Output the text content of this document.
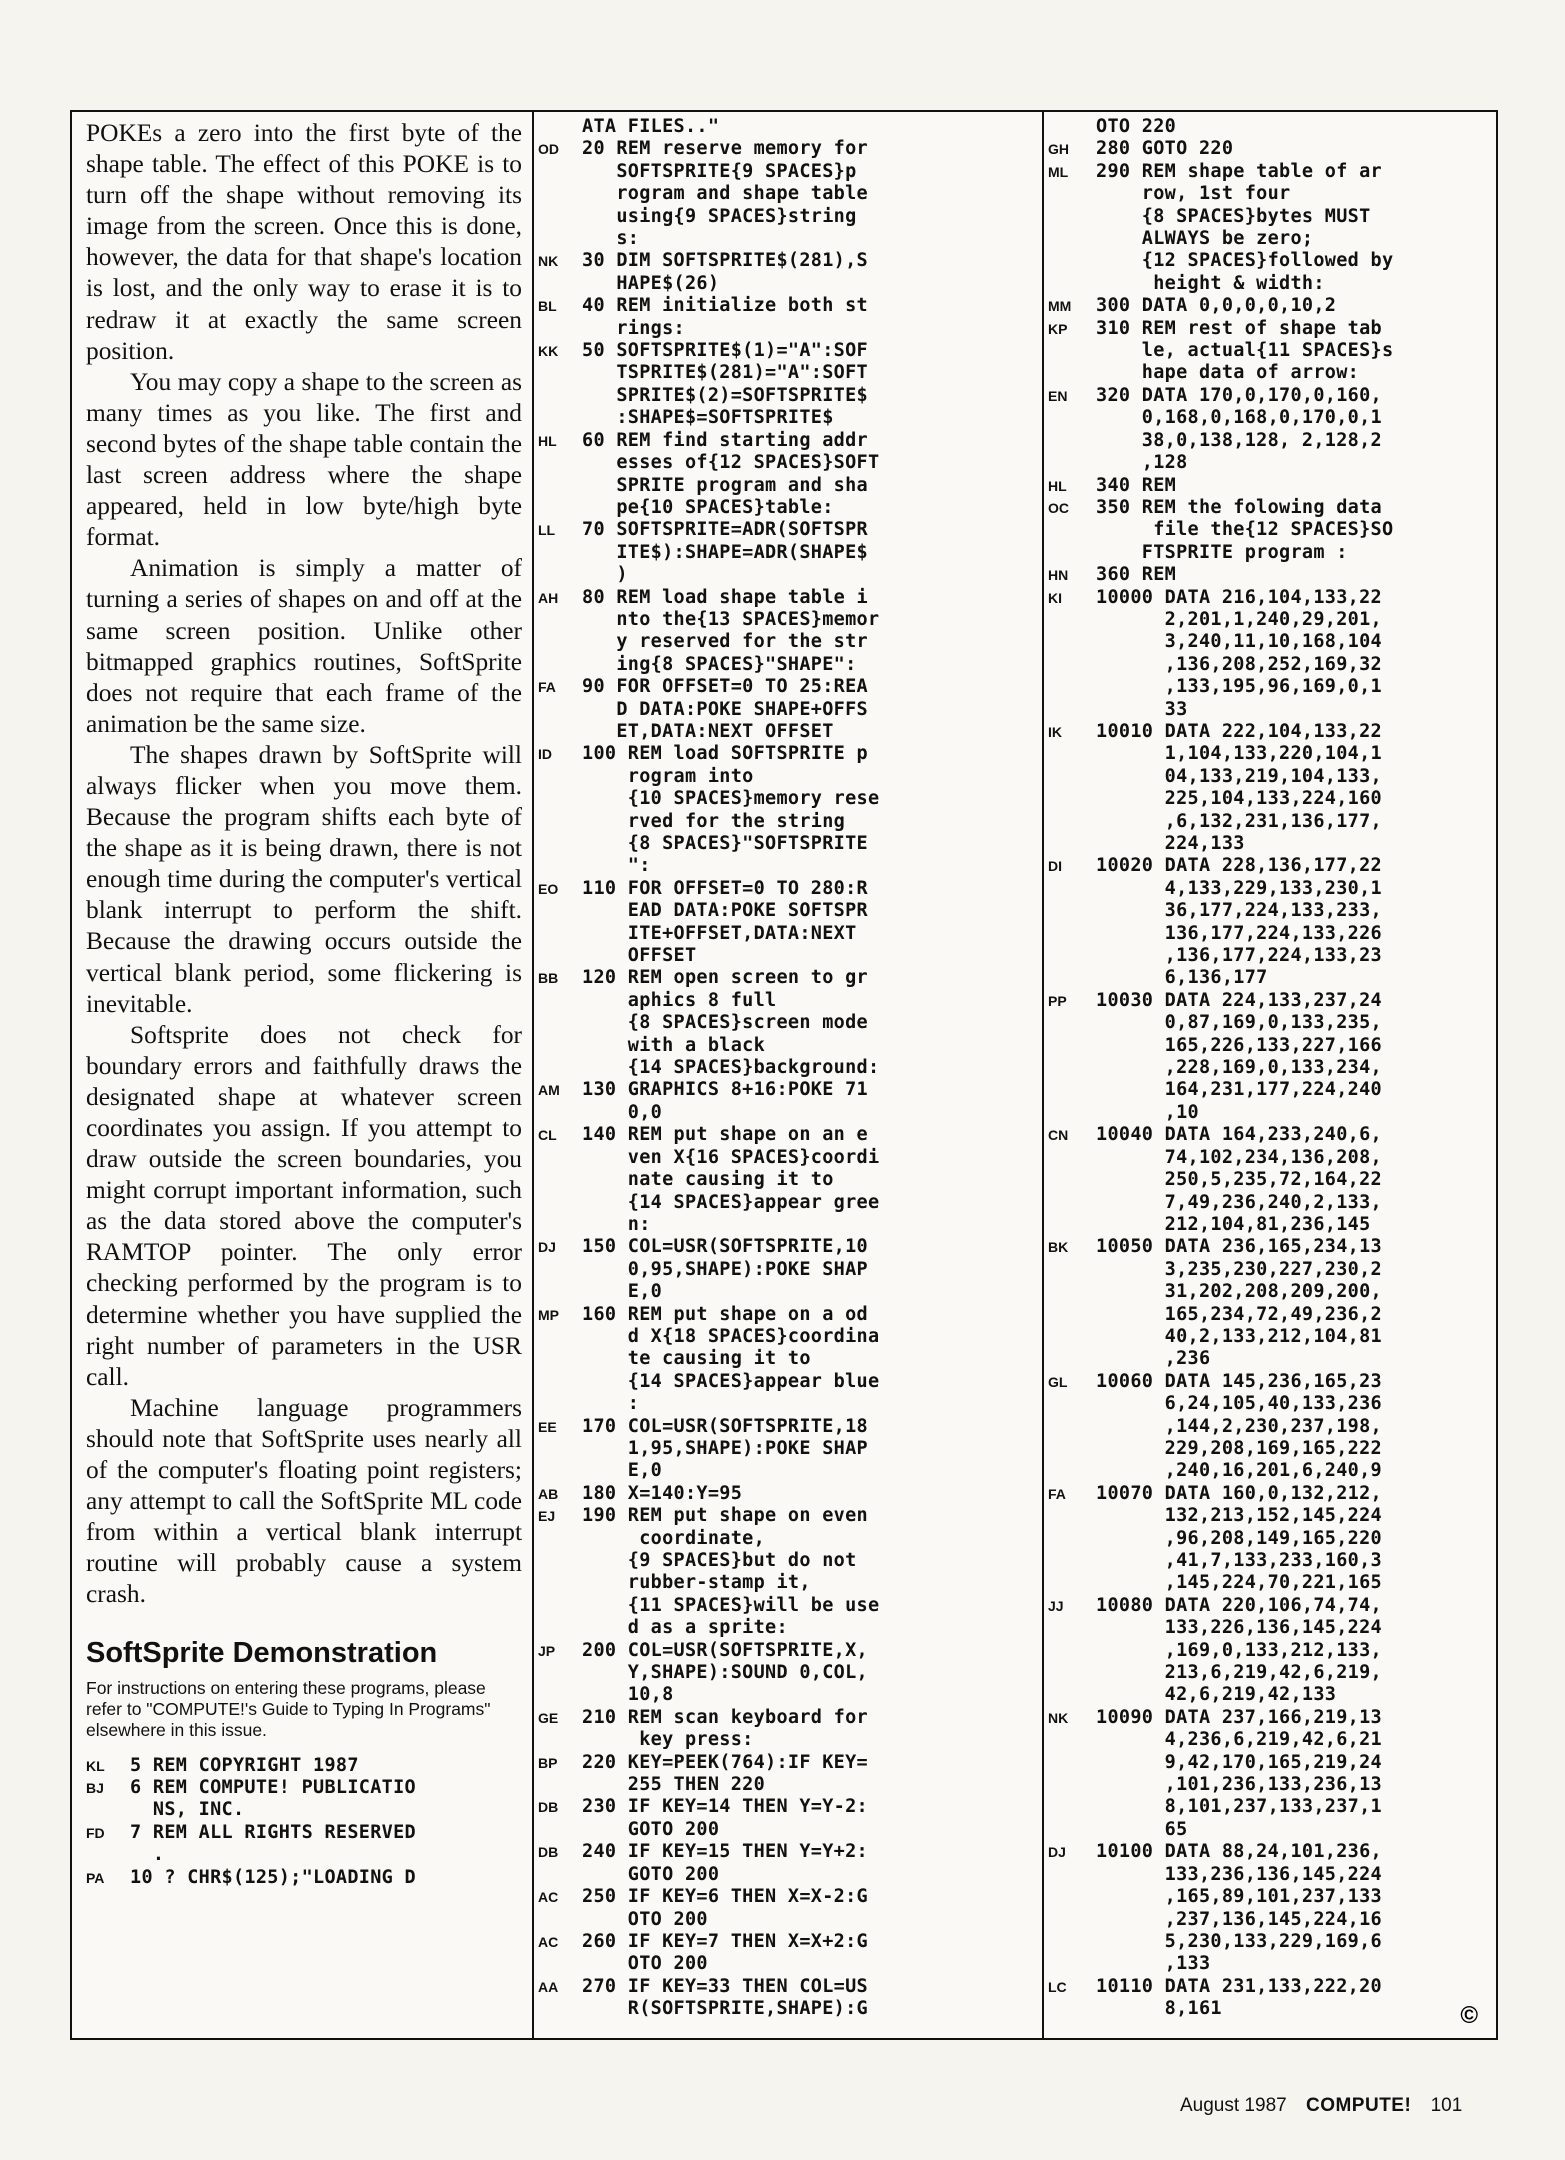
POKEs a zero into the first byte of the shape table. The effect of this POKE is to turn off the shape without removing its image from the screen. Once this is done, however, the data for that shape's location is lost, and the only way to erase it is to redraw it at exactly the same screen position.

You may copy a shape to the screen as many times as you like. The first and second bytes of the shape table contain the last screen address where the shape appeared, held in low byte/high byte format.

Animation is simply a matter of turning a series of shapes on and off at the same screen position. Unlike other bitmapped graphics routines, SoftSprite does not require that each frame of the animation be the same size.

The shapes drawn by SoftSprite will always flicker when you move them. Because the program shifts each byte of the shape as it is being drawn, there is not enough time during the computer's vertical blank interrupt to perform the shift. Because the drawing occurs outside the vertical blank period, some flickering is inevitable.

Softsprite does not check for boundary errors and faithfully draws the designated shape at whatever screen coordinates you assign. If you attempt to draw outside the screen boundaries, you might corrupt important information, such as the data stored above the computer's RAMTOP pointer. The only error checking performed by the program is to determine whether you have supplied the right number of parameters in the USR call.

Machine language programmers should note that SoftSprite uses nearly all of the computer's floating point registers; any attempt to call the SoftSprite ML code from within a vertical blank interrupt routine will probably cause a system crash.

SoftSprite Demonstration
For instructions on entering these programs, please refer to "COMPUTE!'s Guide to Typing In Programs" elsewhere in this issue.
KL	5 REM COPYRIGHT 1987
BJ	6 REM COMPUTE! PUBLICATIO
NS, INC.
FD	7 REM ALL RIGHTS RESERVED
.
PA	10 ? CHR$(125);"LOADING D
ATA FILES.."
OD	20 REM reserve memory for
SOFTSPRITE{9 SPACES}p
rogram and shape table
using{9 SPACES}string
s:
NK	30 DIM SOFTSPRITE$(281),S
HAPE$(26)
BL	40 REM initialize both st
rings:
KK	50 SOFTSPRITE$(1)="A":SOF
TSPRITE$(281)="A":SOFT
SPRITE$(2)=SOFTSPRITE$
:SHAPE$=SOFTSPRITE$
HL	60 REM find starting addr
esses of{12 SPACES}SOFT
SPRITE program and sha
pe{10 SPACES}table:
LL	70 SOFTSPRITE=ADR(SOFTSPR
ITE$):SHAPE=ADR(SHAPE$
)
AH	80 REM load shape table i
nto the{13 SPACES}memor
y reserved for the str
ing{8 SPACES}"SHAPE":
FA	90 FOR OFFSET=0 TO 25:REA
D DATA:POKE SHAPE+OFFS
ET,DATA:NEXT OFFSET
ID	100 REM load SOFTSPRITE p
rogram into
{10 SPACES}memory rese
rved for the string
{8 SPACES}"SOFTSPRITE
":
EO	110 FOR OFFSET=0 TO 280:R
EAD DATA:POKE SOFTSPR
ITE+OFFSET,DATA:NEXT
OFFSET
BB	120 REM open screen to gr
aphics 8 full
{8 SPACES}screen mode
with a black
{14 SPACES}background:
AM	130 GRAPHICS 8+16:POKE 71
0,0
CL	140 REM put shape on an e
ven X{16 SPACES}coordi
nate causing it to
{14 SPACES}appear gree
n:
DJ	150 COL=USR(SOFTSPRITE,10
0,95,SHAPE):POKE SHAP
E,0
MP	160 REM put shape on a od
d X{18 SPACES}coordina
te causing it to
{14 SPACES}appear blue
:
EE	170 COL=USR(SOFTSPRITE,18
1,95,SHAPE):POKE SHAP
E,0
AB	180 X=140:Y=95
EJ	190 REM put shape on even
coordinate,
{9 SPACES}but do not
rubber-stamp it,
{11 SPACES}will be use
d as a sprite:
JP	200 COL=USR(SOFTSPRITE,X,
Y,SHAPE):SOUND 0,COL,
10,8
GE	210 REM scan keyboard for
key press:
BP	220 KEY=PEEK(764):IF KEY=
255 THEN 220
DB	230 IF KEY=14 THEN Y=Y-2:
GOTO 200
DB	240 IF KEY=15 THEN Y=Y+2:
GOTO 200
AC	250 IF KEY=6 THEN X=X-2:G
OTO 200
AC	260 IF KEY=7 THEN X=X+2:G
OTO 200
AA	270 IF KEY=33 THEN COL=US
R(SOFTSPRITE,SHAPE):G
OTO 220
GH	280 GOTO 220
ML	290 REM shape table of ar
row, 1st four
{8 SPACES}bytes MUST
ALWAYS be zero;
{12 SPACES}followed by
height & width:
MM	300 DATA 0,0,0,0,10,2
KP	310 REM rest of shape tab
le, actual{11 SPACES}s
hape data of arrow:
EN	320 DATA 170,0,170,0,160,
0,168,0,168,0,170,0,1
38,0,138,128, 2,128,2
,128
HL	340 REM
OC	350 REM the folowing data
file the{12 SPACES}SO
FTSPRITE program :
HN	360 REM
KI	10000 DATA 216,104,133,22
2,201,1,240,29,201,
3,240,11,10,168,104
,136,208,252,169,32
,133,195,96,169,0,1
33
IK	10010 DATA 222,104,133,22
1,104,133,220,104,1
04,133,219,104,133,
225,104,133,224,160
,6,132,231,136,177,
224,133
DI	10020 DATA 228,136,177,22
4,133,229,133,230,1
36,177,224,133,233,
136,177,224,133,226
,136,177,224,133,23
6,136,177
PP	10030 DATA 224,133,237,24
0,87,169,0,133,235,
165,226,133,227,166
,228,169,0,133,234,
164,231,177,224,240
,10
CN	10040 DATA 164,233,240,6,
74,102,234,136,208,
250,5,235,72,164,22
7,49,236,240,2,133,
212,104,81,236,145
BK	10050 DATA 236,165,234,13
3,235,230,227,230,2
31,202,208,209,200,
165,234,72,49,236,2
40,2,133,212,104,81
,236
GL	10060 DATA 145,236,165,23
6,24,105,40,133,236
,144,2,230,237,198,
229,208,169,165,222
,240,16,201,6,240,9
FA	10070 DATA 160,0,132,212,
132,213,152,145,224
,96,208,149,165,220
,41,7,133,233,160,3
,145,224,70,221,165
JJ	10080 DATA 220,106,74,74,
133,226,136,145,224
,169,0,133,212,133,
213,6,219,42,6,219,
42,6,219,42,133
NK	10090 DATA 237,166,219,13
4,236,6,219,42,6,21
9,42,170,165,219,24
,101,236,133,236,13
8,101,237,133,237,1
65
DJ	10100 DATA 88,24,101,236,
133,236,136,145,224
,165,89,101,237,133
,237,136,145,224,16
5,230,133,229,169,6
,133
LC	10110 DATA 231,133,222,20
8,161	©
August 1987 COMPUTE! 101
